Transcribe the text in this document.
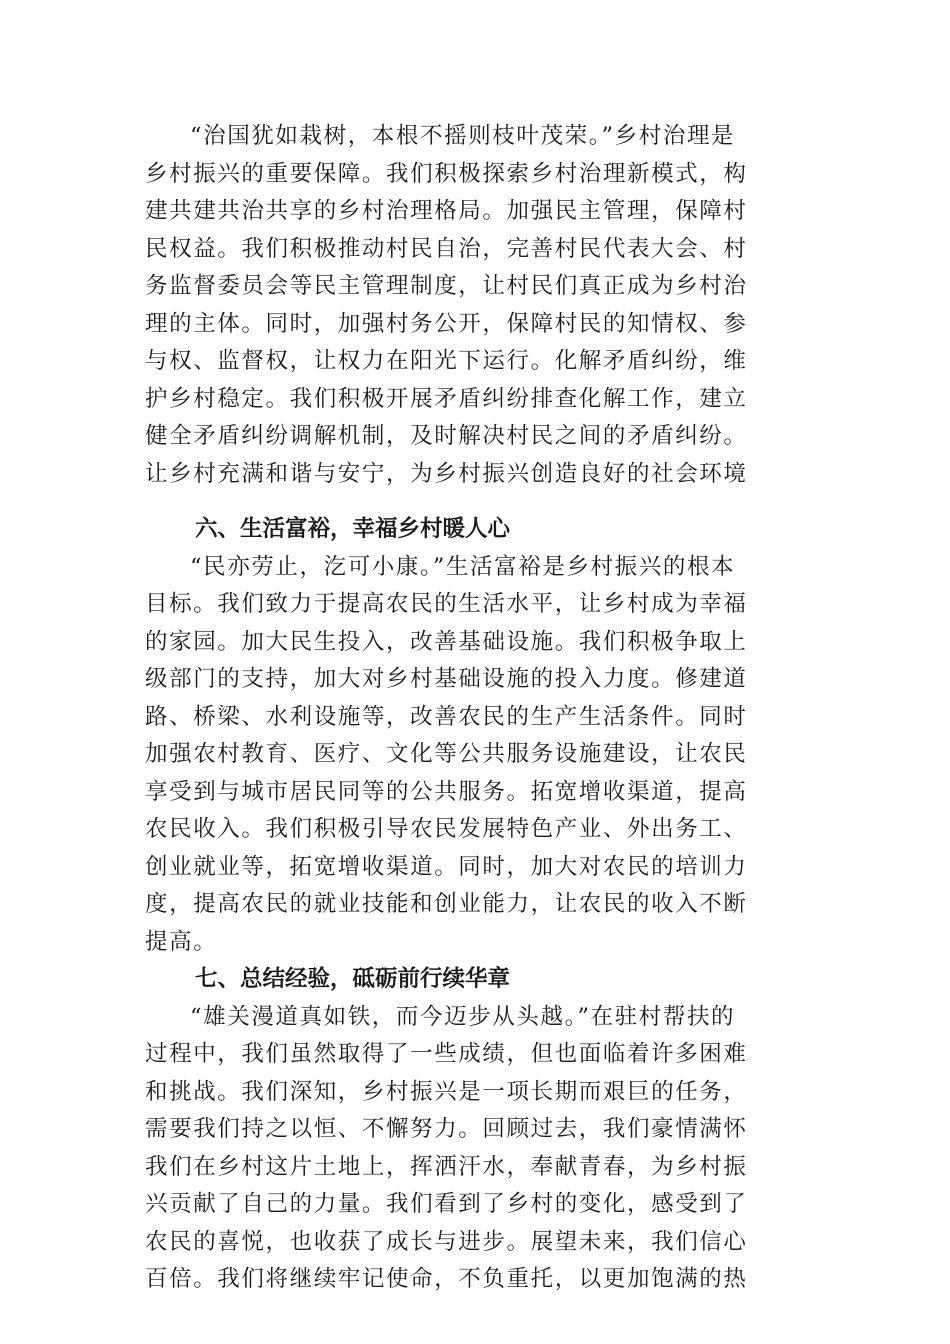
“治国犹如栽树，本根不摇则枝叶茂荣。”乡村治理是
乡村振兴的重要保障。我们积极探索乡村治理新模式，构
建共建共治共享的乡村治理格局。加强民主管理，保障村
民权益。我们积极推动村民自治，完善村民代表大会、村
务监督委员会等民主管理制度，让村民们真正成为乡村治
理的主体。同时，加强村务公开，保障村民的知情权、参
与权、监督权，让权力在阳光下运行。化解矛盾纠纷，维
护乡村稳定。我们积极开展矛盾纠纷排查化解工作，建立
健全矛盾纠纷调解机制，及时解决村民之间的矛盾纠纷。
让乡村充满和谐与安宁，为乡村振兴创造良好的社会环境
六、生活富裕，幸福乡村暖人心
“民亦劳止，汔可小康。”生活富裕是乡村振兴的根本
目标。我们致力于提高农民的生活水平，让乡村成为幸福
的家园。加大民生投入，改善基础设施。我们积极争取上
级部门的支持，加大对乡村基础设施的投入力度。修建道
路、桥梁、水利设施等，改善农民的生产生活条件。同时
加强农村教育、医疗、文化等公共服务设施建设，让农民
享受到与城市居民同等的公共服务。拓宽增收渠道，提高
农民收入。我们积极引导农民发展特色产业、外出务工、
创业就业等，拓宽增收渠道。同时，加大对农民的培训力
度，提高农民的就业技能和创业能力，让农民的收入不断
提高。
七、总结经验，砥砺前行续华章
“雄关漫道真如铁，而今迈步从头越。”在驻村帮扶的
过程中，我们虽然取得了一些成绩，但也面临着许多困难
和挑战。我们深知，乡村振兴是一项长期而艰巨的任务，
需要我们持之以恒、不懈努力。回顾过去，我们豪情满怀
我们在乡村这片土地上，挥洒汗水，奉献青春，为乡村振
兴贡献了自己的力量。我们看到了乡村的变化，感受到了
农民的喜悦，也收获了成长与进步。展望未来，我们信心
百倍。我们将继续牢记使命，不负重托，以更加饱满的热
